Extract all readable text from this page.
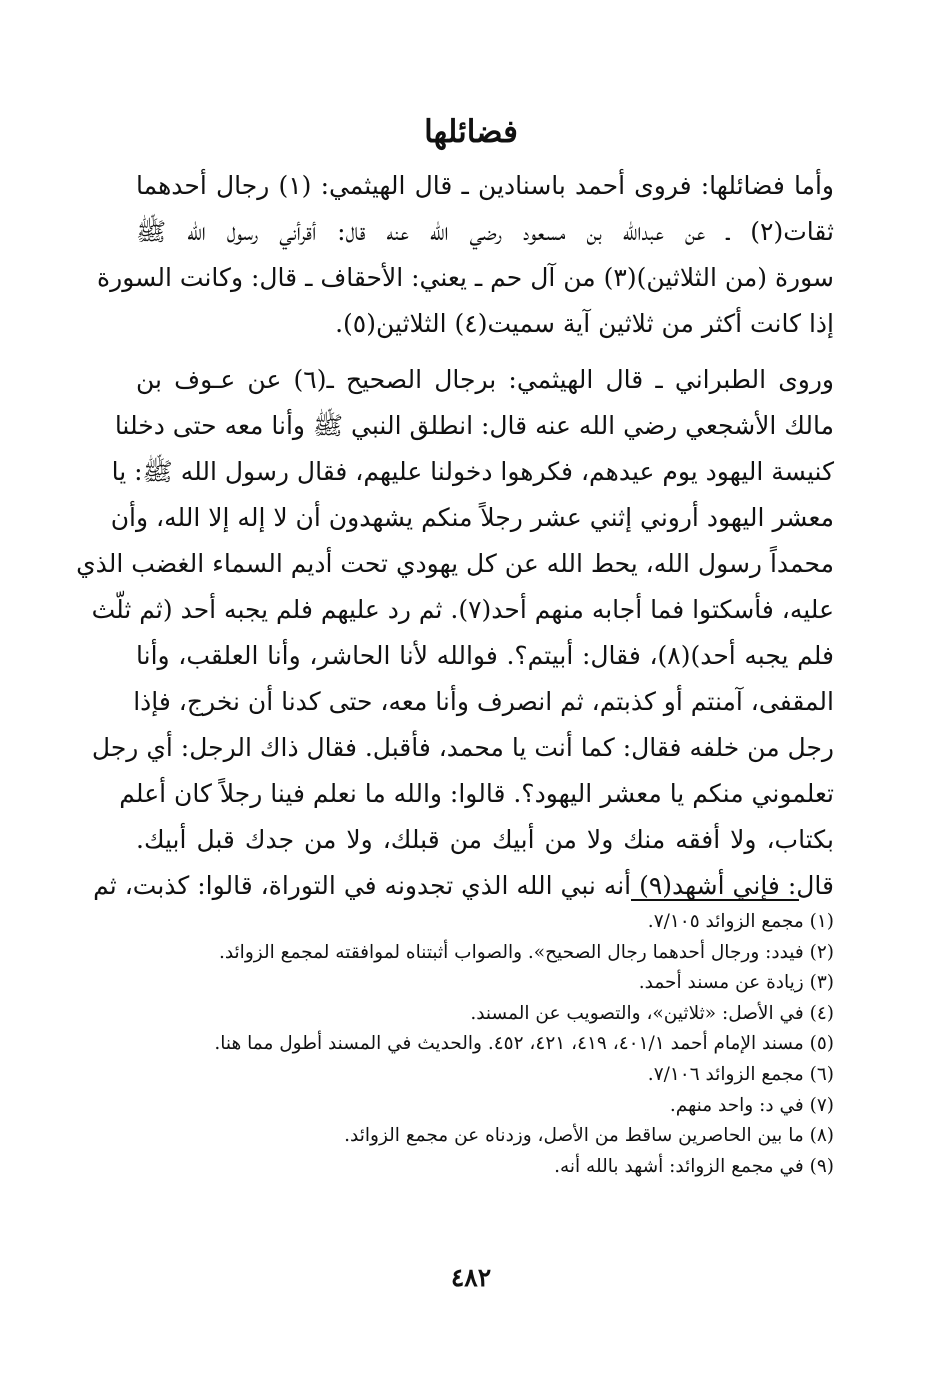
فضائلها
وأما فضائلها: فروى أحمد باسنادين ـ قال الهيثمي: (١) رجال أحدهما
ثقات(٢) ـ عن عبدالله بن مسعود رضي الله عنه قال: أقرأني رسول الله ﷺ
سورة (من الثلاثين)(٣) من آل حم ـ يعني: الأحقاف ـ قال: وكانت السورة
إذا كانت أكثر من ثلاثين آية سميت(٤) الثلاثين(٥).
وروى الطبراني ـ قال الهيثمي: برجال الصحيح ـ(٦) عن عـوف بن
مالك الأشجعي رضي الله عنه قال: انطلق النبي ﷺ وأنا معه حتى دخلنا
كنيسة اليهود يوم عيدهم، فكرهوا دخولنا عليهم، فقال رسول الله ﷺ: يا
معشر اليهود أروني إثني عشر رجلاً منكم يشهدون أن لا إله إلا الله، وأن
محمداً رسول الله، يحط الله عن كل يهودي تحت أديم السماء الغضب الذي
عليه، فأسكتوا فما أجابه منهم أحد(٧). ثم رد عليهم فلم يجبه أحد (ثم ثلّث
فلم يجبه أحد)(٨)، فقال: أبيتم؟. فوالله لأنا الحاشر، وأنا العلقب، وأنا
المقفى، آمنتم أو كذبتم، ثم انصرف وأنا معه، حتى كدنا أن نخرج، فإذا
رجل من خلفه فقال: كما أنت يا محمد، فأقبل. فقال ذاك الرجل: أي رجل
تعلموني منكم يا معشر اليهود؟. قالوا: والله ما نعلم فينا رجلاً كان أعلم
بكتاب، ولا أفقه منك ولا من أبيك من قبلك، ولا من جدك قبل أبيك.
قال: فإني أشهد(٩) أنه نبي الله الذي تجدونه في التوراة، قالوا: كذبت، ثم
(١) مجمع الزوائد ٧/١٠٥.
(٢) فيدد: ورجال أحدهما رجال الصحيح». والصواب أثبتناه لموافقته لمجمع الزوائد.
(٣) زيادة عن مسند أحمد.
(٤) في الأصل: «ثلاثين»، والتصويب عن المسند.
(٥) مسند الإمام أحمد ٤٠١/١، ٤١٩، ٤٢١، ٤٥٢. والحديث في المسند أطول مما هنا.
(٦) مجمع الزوائد ٧/١٠٦.
(٧) في د: واحد منهم.
(٨) ما بين الحاصرين ساقط من الأصل، وزدناه عن مجمع الزوائد.
(٩) في مجمع الزوائد: أشهد بالله أنه.
٤٨٢
